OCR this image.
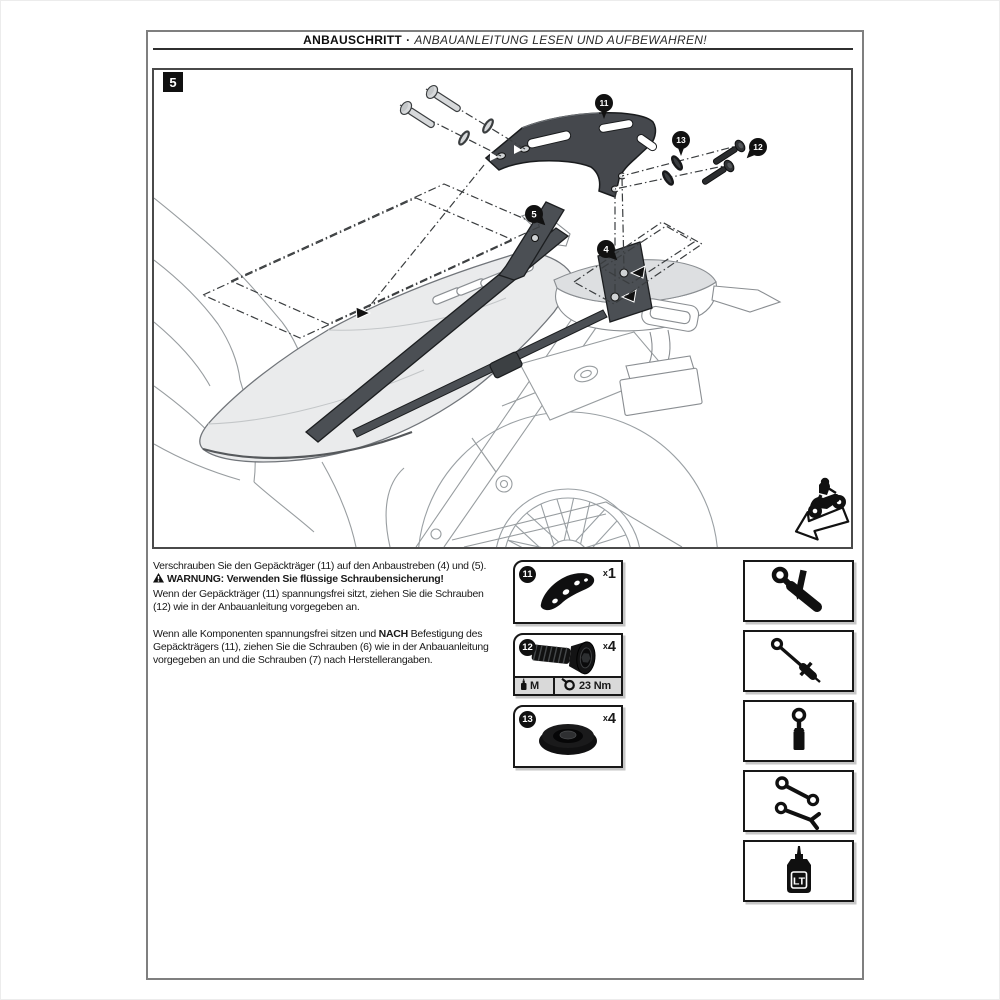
ANBAUSCHRITT · ANBAUANLEITUNG LESEN UND AUFBEWAHREN!
5
11
13
12
5
4
Verschrauben Sie den Gepäckträger (11) auf den Anbaustreben (4) und (5).
WARNUNG: Verwenden Sie flüssige Schraubensicherung!
Wenn der Gepäckträger (11) spannungsfrei sitzt, ziehen Sie die Schrauben
(12) wie in der Anbauanleitung vorgegeben an.
Wenn alle Komponenten spannungsfrei sitzen und NACH Befestigung des
Gepäckträgers (11), ziehen Sie die Schrauben (6) wie in der Anbauanleitung
vorgegeben an und die Schrauben (7) nach Herstellerangaben.
11	x1
12	x4
M	23 Nm
13	x4
LT
